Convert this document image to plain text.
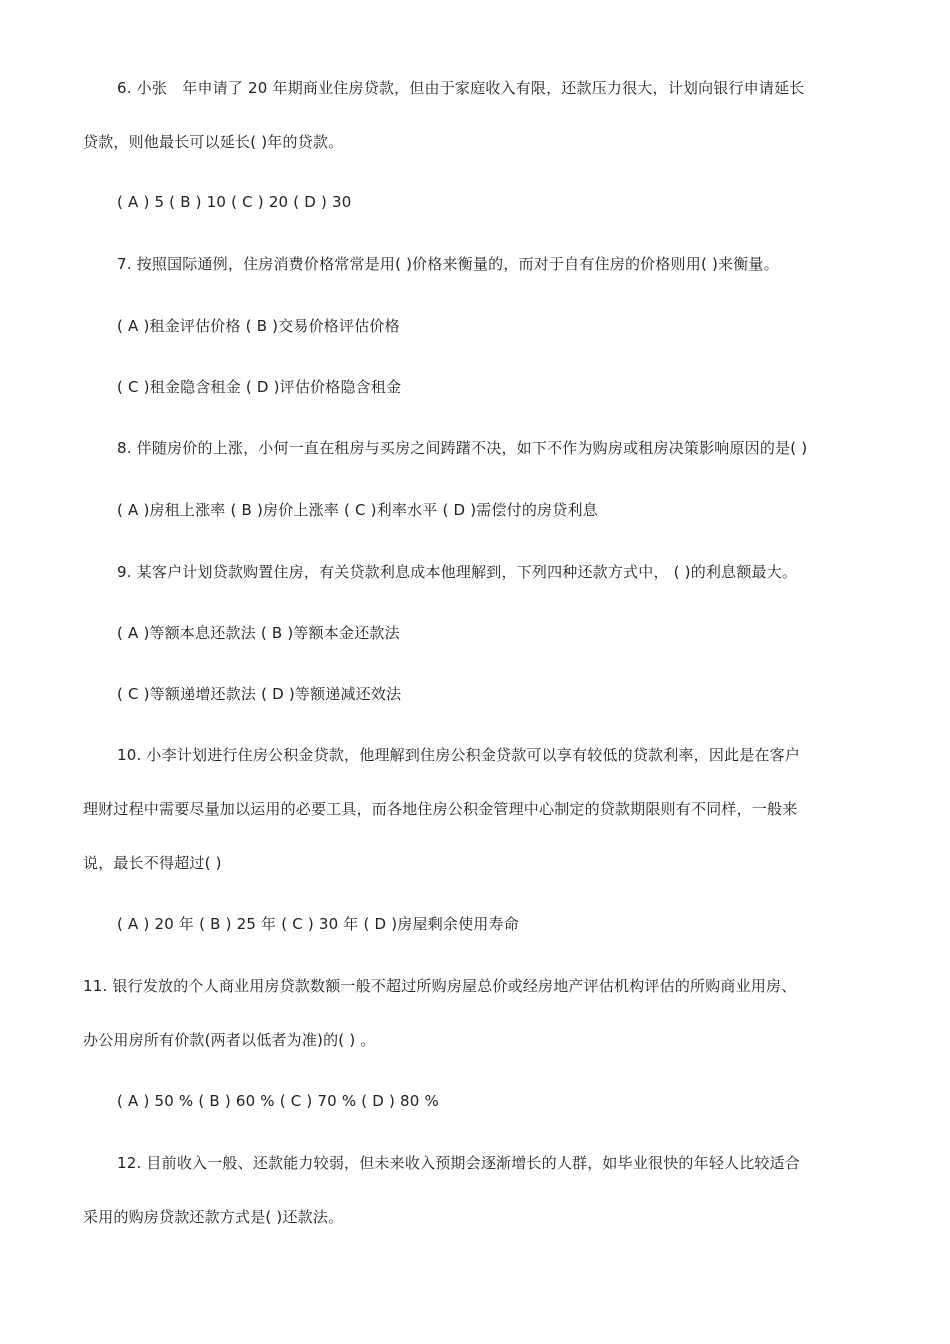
6. 小张　年申请了 20 年期商业住房贷款，但由于家庭收入有限，还款压力很大，计划向银行申请延长
贷款，则他最长可以延长( )年的贷款。
( A ) 5 ( B ) 10 ( C ) 20 ( D ) 30
7. 按照国际通例，住房消费价格常常是用( )价格来衡量的，而对于自有住房的价格则用( )来衡量。
( A )租金评估价格 ( B )交易价格评估价格
( C )租金隐含租金 ( D )评估价格隐含租金
8. 伴随房价的上涨，小何一直在租房与买房之间踌躇不决，如下不作为购房或租房决策影响原因的是( )
( A )房租上涨率 ( B )房价上涨率 ( C )利率水平 ( D )需偿付的房贷利息
9. 某客户计划贷款购置住房，有关贷款利息成本他理解到，下列四种还款方式中， ( )的利息额最大。
( A )等额本息还款法 ( B )等额本金还款法
( C )等额递增还款法 ( D )等额递减还效法
10. 小李计划进行住房公积金贷款，他理解到住房公积金贷款可以享有较低的贷款利率，因此是在客户
理财过程中需要尽量加以运用的必要工具，而各地住房公积金管理中心制定的贷款期限则有不同样，一般来
说，最长不得超过( )
( A ) 20 年 ( B ) 25 年 ( C ) 30 年 ( D )房屋剩余使用寿命
11. 银行发放的个人商业用房贷款数额一般不超过所购房屋总价或经房地产评估机构评估的所购商业用房、
办公用房所有价款(两者以低者为准)的( ) 。
( A ) 50 % ( B ) 60 % ( C ) 70 % ( D ) 80 %
12. 目前收入一般、还款能力较弱，但未来收入预期会逐渐增长的人群，如毕业很快的年轻人比较适合
采用的购房贷款还款方式是( )还款法。
